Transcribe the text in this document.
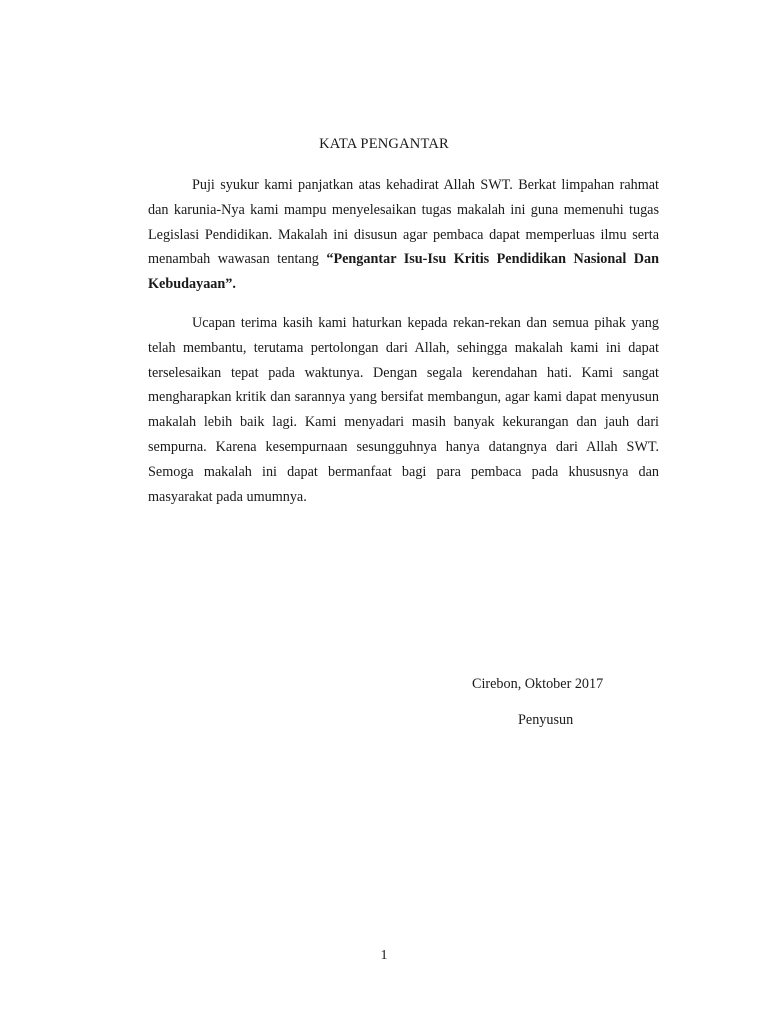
KATA PENGANTAR

Puji syukur kami panjatkan atas kehadirat Allah SWT. Berkat limpahan rahmat dan karunia-Nya kami mampu menyelesaikan tugas makalah ini guna memenuhi tugas Legislasi Pendidikan. Makalah ini disusun agar pembaca dapat memperluas ilmu serta menambah wawasan tentang “Pengantar Isu-Isu Kritis Pendidikan Nasional Dan Kebudayaan”.

Ucapan terima kasih kami haturkan kepada rekan-rekan dan semua pihak yang telah membantu, terutama pertolongan dari Allah, sehingga makalah kami ini dapat terselesaikan tepat pada waktunya. Dengan segala kerendahan hati. Kami sangat mengharapkan kritik dan sarannya yang bersifat membangun, agar kami dapat menyusun makalah lebih baik lagi. Kami menyadari masih banyak kekurangan dan jauh dari sempurna. Karena kesempurnaan sesungguhnya hanya datangnya dari Allah SWT. Semoga makalah ini dapat bermanfaat bagi para pembaca pada khususnya dan masyarakat pada umumnya.

Cirebon, Oktober 2017
Penyusun
1
